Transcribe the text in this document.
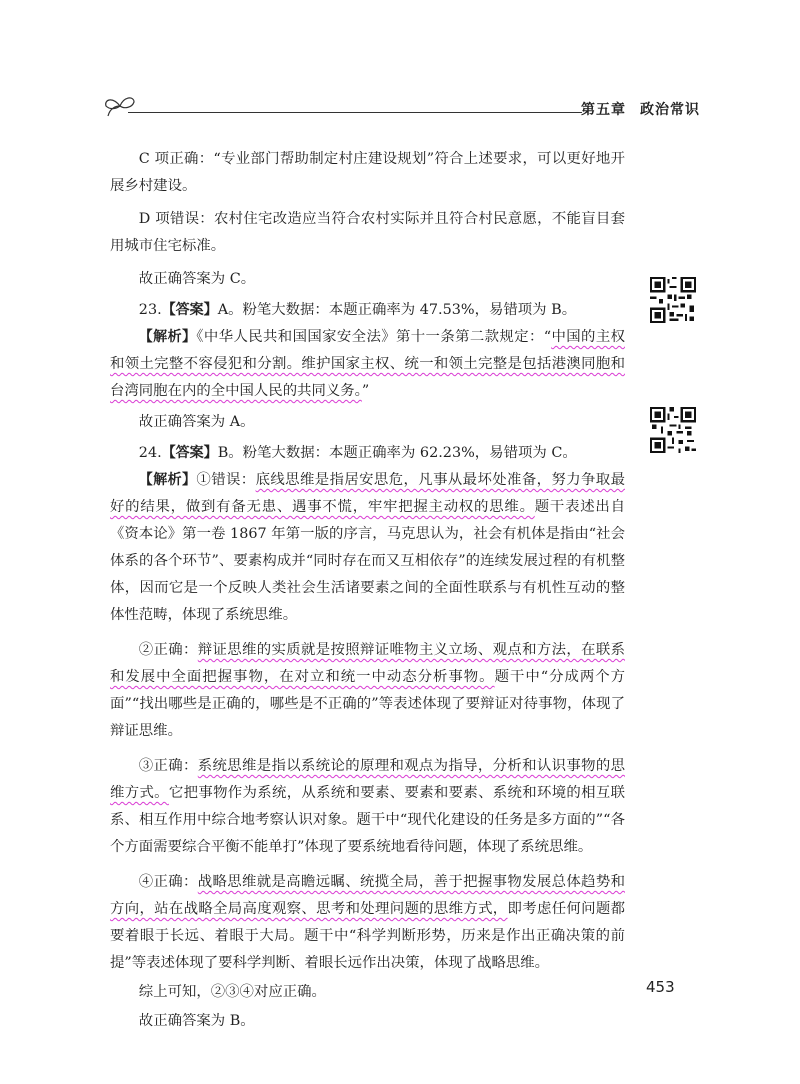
第五章 政治常识

C 项正确：“专业部门帮助制定村庄建设规划”符合上述要求，可以更好地开展乡村建设。

D 项错误：农村住宅改造应当符合农村实际并且符合村民意愿，不能盲目套用城市住宅标准。

故正确答案为 C。

23.【答案】A。粉笔大数据：本题正确率为 47.53%，易错项为 B。

【解析】《中华人民共和国国家安全法》第十一条第二款规定：“中国的主权和领土完整不容侵犯和分割。维护国家主权、统一和领土完整是包括港澳同胞和台湾同胞在内的全中国人民的共同义务。”

故正确答案为 A。

24.【答案】B。粉笔大数据：本题正确率为 62.23%，易错项为 C。

【解析】①错误：底线思维是指居安思危，凡事从最坏处准备，努力争取最好的结果，做到有备无患、遇事不慌，牢牢把握主动权的思维。题干表述出自《资本论》第一卷 1867 年第一版的序言，马克思认为，社会有机体是指由“社会体系的各个环节”、要素构成并“同时存在而又互相依存”的连续发展过程的有机整体，因而它是一个反映人类社会生活诸要素之间的全面性联系与有机性互动的整体性范畴，体现了系统思维。

②正确：辩证思维的实质就是按照辩证唯物主义立场、观点和方法，在联系和发展中全面把握事物，在对立和统一中动态分析事物。题干中“分成两个方面”“找出哪些是正确的，哪些是不正确的”等表述体现了要辩证对待事物，体现了辩证思维。

③正确：系统思维是指以系统论的原理和观点为指导，分析和认识事物的思维方式。它把事物作为系统，从系统和要素、要素和要素、系统和环境的相互联系、相互作用中综合地考察认识对象。题干中“现代化建设的任务是多方面的”“各个方面需要综合平衡不能单打”体现了要系统地看待问题，体现了系统思维。

④正确：战略思维就是高瞻远瞩、统揽全局，善于把握事物发展总体趋势和方向，站在战略全局高度观察、思考和处理问题的思维方式，即考虑任何问题都要着眼于长远、着眼于大局。题干中“科学判断形势，历来是作出正确决策的前提”等表述体现了要科学判断、着眼长远作出决策，体现了战略思维。

综上可知，②③④对应正确。

故正确答案为 B。

453
